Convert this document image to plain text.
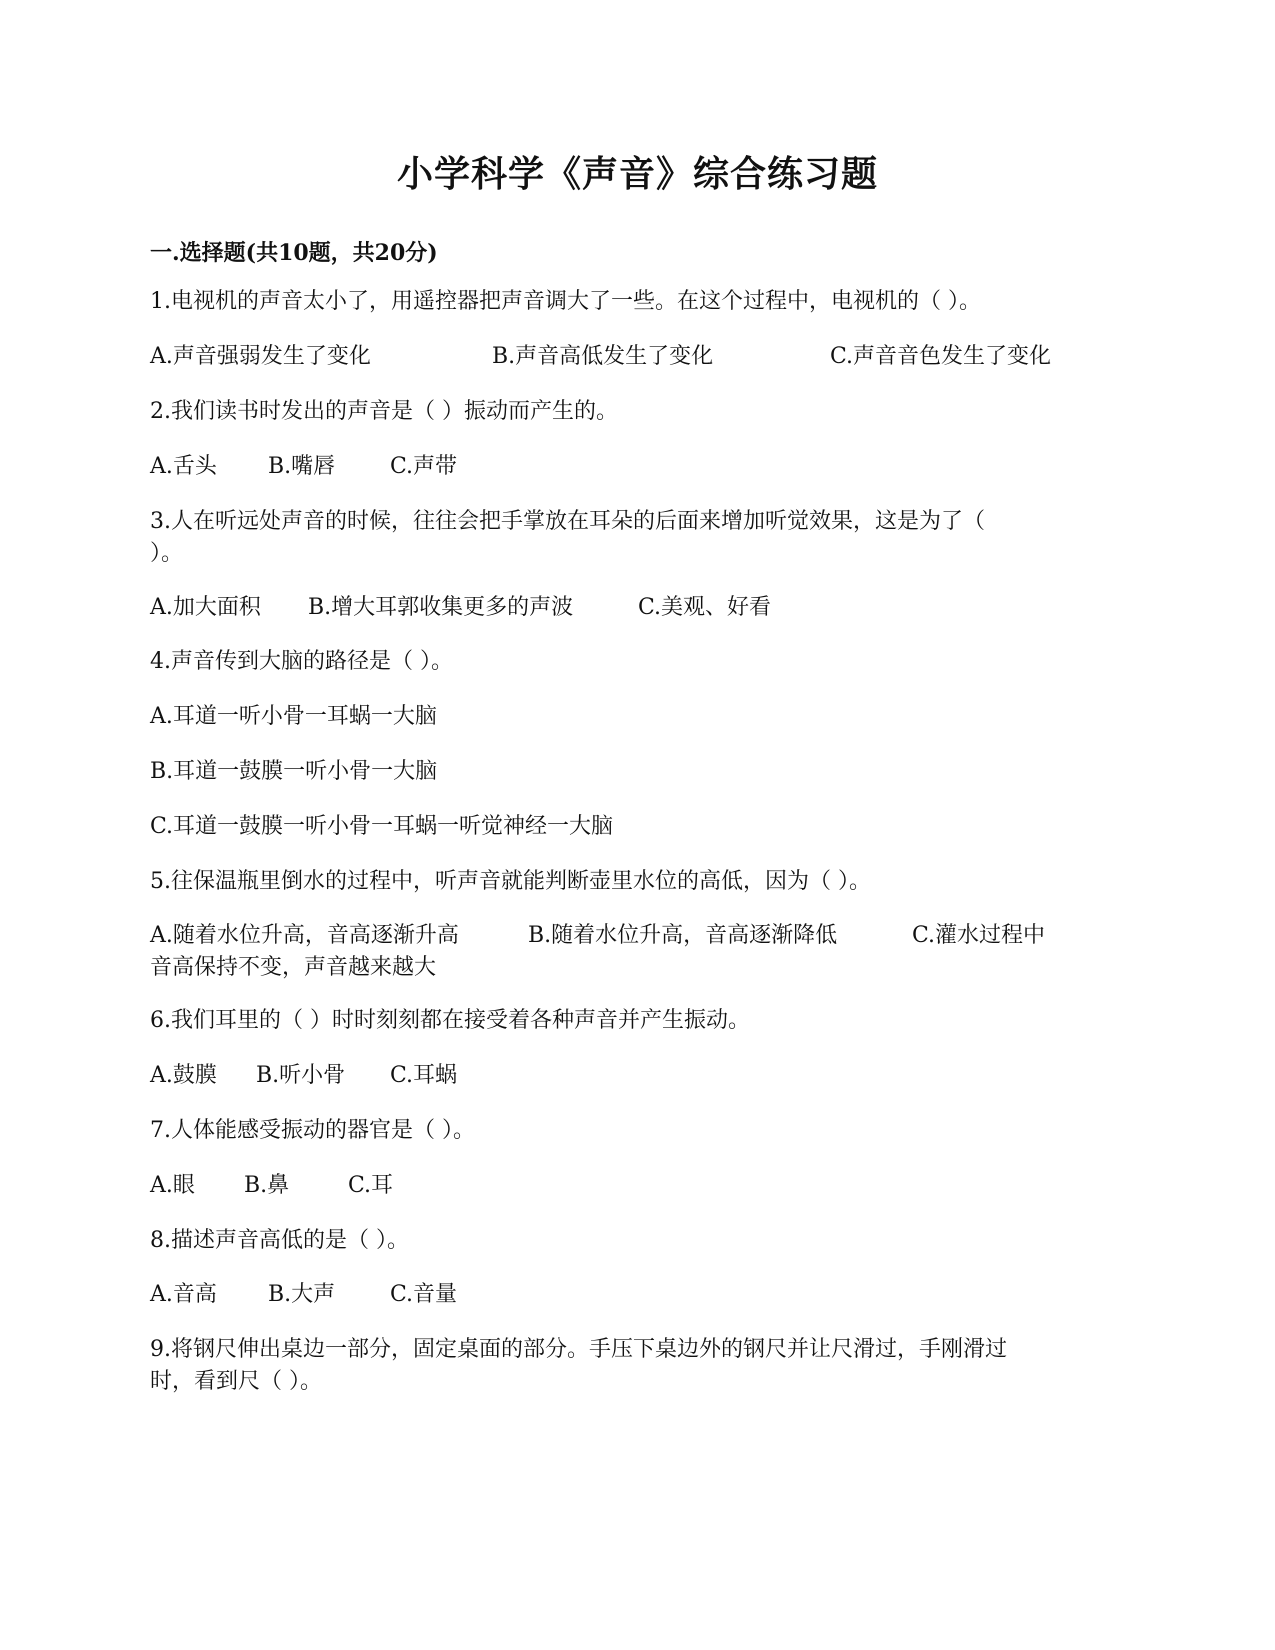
小学科学《声音》综合练习题
一.选择题(共10题，共20分)
1.电视机的声音太小了，用遥控器把声音调大了一些。在这个过程中，电视机的（ ）。
A.声音强弱发生了变化	B.声音高低发生了变化	C.声音音色发生了变化
2.我们读书时发出的声音是（ ）振动而产生的。
A.舌头 B.嘴唇 C.声带
3.人在听远处声音的时候，往往会把手掌放在耳朵的后面来增加听觉效果，这是为了（
）。
A.加大面积 B.增大耳郭收集更多的声波	C.美观、好看
4.声音传到大脑的路径是（ ）。
A.耳道一听小骨一耳蜗一大脑
B.耳道一鼓膜一听小骨一大脑
C.耳道一鼓膜一听小骨一耳蜗一听觉神经一大脑
5.往保温瓶里倒水的过程中，听声音就能判断壶里水位的高低，因为（ ）。
A.随着水位升高，音高逐渐升高	B.随着水位升高，音高逐渐降低	C.灌水过程中
音高保持不变，声音越来越大
6.我们耳里的（ ）时时刻刻都在接受着各种声音并产生振动。
A.鼓膜 B.听小骨 C.耳蜗
7.人体能感受振动的器官是（ ）。
A.眼 B.鼻	C.耳
8.描述声音高低的是（ ）。
A.音高 B.大声 C.音量
9.将钢尺伸出桌边一部分，固定桌面的部分。手压下桌边外的钢尺并让尺滑过，手刚滑过
时，看到尺（ ）。
